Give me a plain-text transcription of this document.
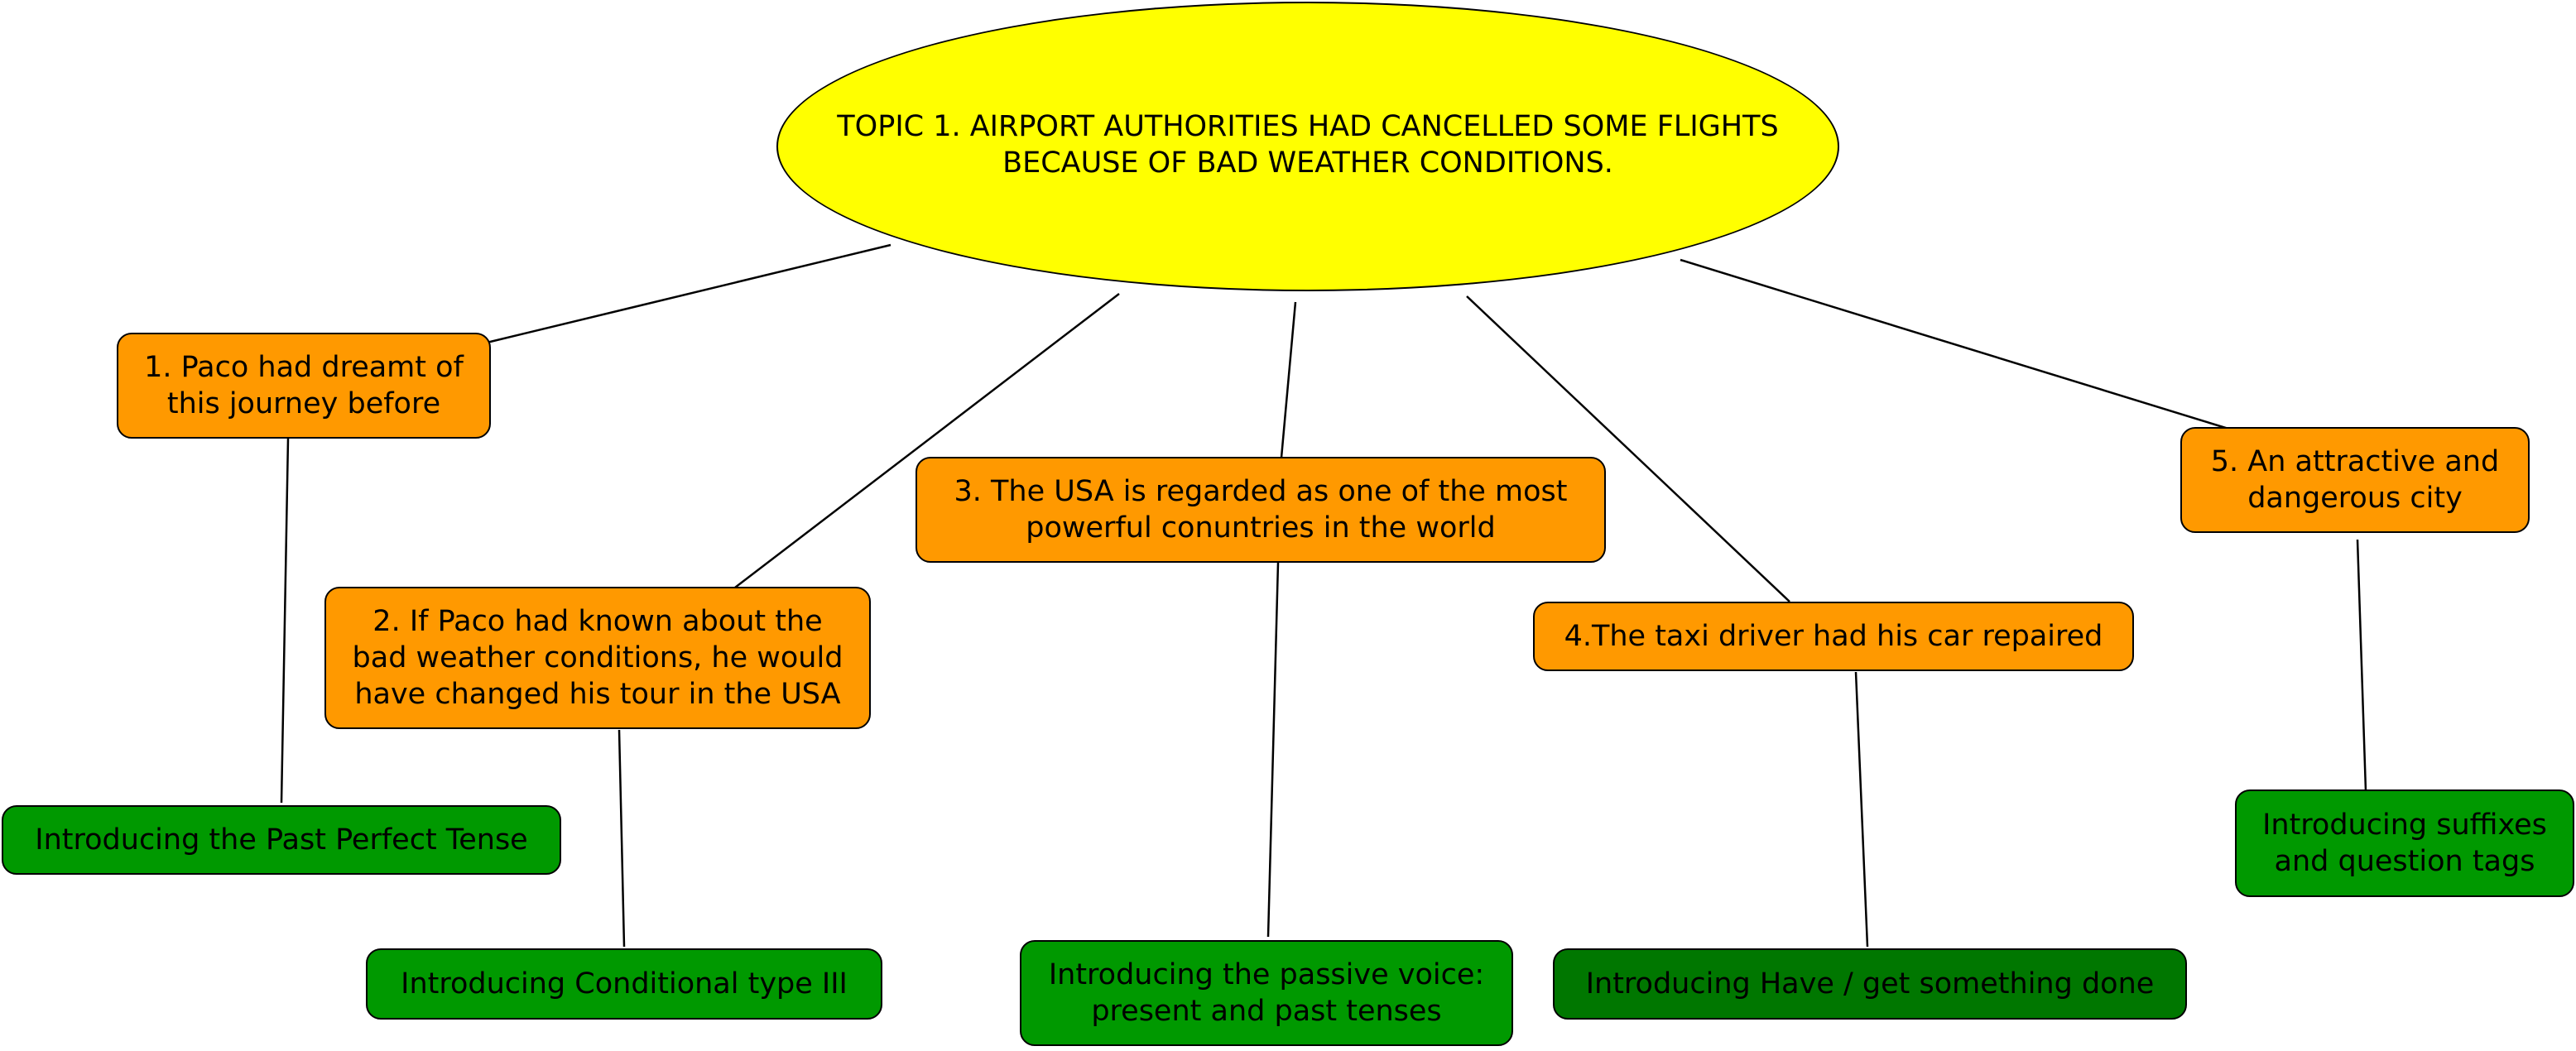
TOPIC 1. AIRPORT AUTHORITIES HAD CANCELLED SOME FLIGHTS
BECAUSE OF BAD WEATHER CONDITIONS.
1. Paco had dreamt of
this journey before
2. If Paco had known about the
bad weather conditions, he would
have changed his tour in the USA
3. The USA is regarded as one of the most
powerful conuntries in the world
4.The taxi driver had his car repaired
5. An attractive and
dangerous city
Introducing the Past Perfect Tense
Introducing Conditional type III	Introducing the passive voice:
present and past tenses
Introducing Have / get something done
Introducing suffixes
and question tags
